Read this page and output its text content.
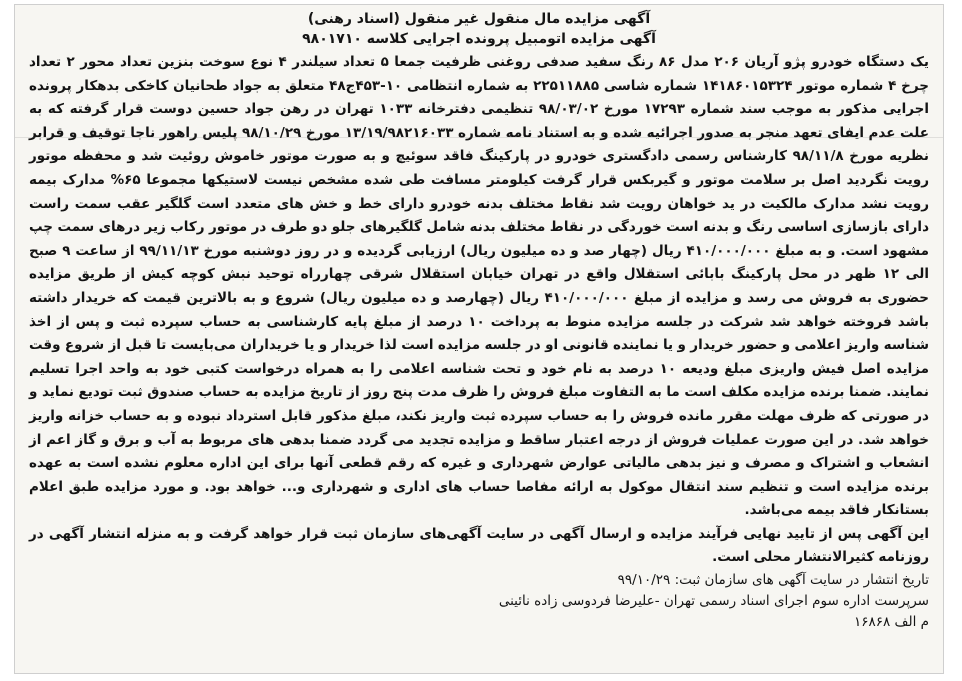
آگهی مزایده مال منقول غیر منقول (اسناد رهنی)

آگهی مزایده اتومبیل پرونده اجرایی کلاسه ۹۸۰۱۷۱۰

یک دستگاه خودرو پژو آریان ۲۰۶ مدل ۸۶ رنگ سفید صدفی روغنی ظرفیت جمعا ۵ تعداد سیلندر ۴ نوع سوخت بنزین تعداد محور ۲ تعداد چرخ ۴ شماره موتور ۱۴۱۸۶۰۱۵۳۲۴ شماره شاسی ۲۲۵۱۱۸۸۵ به شماره انتظامی ۱۰-۴۵۳ج۴۸ متعلق به جواد طحانیان کاخکی بدهکار پرونده اجرایی مذکور به موجب سند شماره ۱۷۲۹۳ مورخ ۹۸/۰۳/۰۲ تنظیمی دفترخانه ۱۰۳۳ تهران در رهن جواد حسین دوست قرار گرفته که به علت عدم ایفای تعهد منجر به صدور اجرائیه شده و به استناد نامه شماره ۱۳/۱۹/۹۸۲۱۶۰۳۳ مورخ ۹۸/۱۰/۲۹ پلیس راهور ناجا توقیف و قرابر نظریه مورخ ۹۸/۱۱/۸ کارشناس رسمی دادگستری خودرو در پارکینگ فاقد سوئیچ و به صورت موتور خاموش روئیت شد و محفظه موتور رویت نگردید اصل بر سلامت موتور و گیربکس قرار گرفت کیلومتر مسافت طی شده مشخص نیست لاستیکها مجموعا ۶۵% مدارک بیمه رویت نشد مدارک مالکیت در ید خواهان رویت شد نقاط مختلف بدنه خودرو دارای خط و خش های متعدد است گلگیر عقب سمت راست دارای بازسازی اساسی رنگ و بدنه است خوردگی در نقاط مختلف بدنه شامل گلگیرهای جلو دو طرف در موتور رکاب زیر درهای سمت چپ مشهود است. و به مبلغ ۴۱۰/۰۰۰/۰۰۰ ریال (چهار صد و ده میلیون ریال) ارزیابی گردیده و در روز دوشنبه مورخ ۹۹/۱۱/۱۳ از ساعت ۹ صبح الی ۱۲ ظهر در محل پارکینگ بابائی استقلال واقع در تهران خیابان استقلال شرقی چهارراه توحید نبش کوچه کیش از طریق مزایده حضوری به فروش می رسد و مزایده از مبلغ ۴۱۰/۰۰۰/۰۰۰ ریال (چهارصد و ده میلیون ریال) شروع و به بالاترین قیمت که خریدار داشته باشد فروخته خواهد شد شرکت در جلسه مزایده منوط به پرداخت ۱۰ درصد از مبلغ پایه کارشناسی به حساب سپرده ثبت و پس از اخذ شناسه واریز اعلامی و حضور خریدار و یا نماینده قانونی او در جلسه مزایده است لذا خریدار و یا خریداران می‌بایست تا قبل از شروع وقت مزایده اصل فیش واریزی مبلغ ودیعه ۱۰ درصد به نام خود و تحت شناسه اعلامی را به همراه درخواست کتبی خود به واحد اجرا تسلیم نمایند. ضمنا برنده مزایده مکلف است ما به التفاوت مبلغ فروش را ظرف مدت پنج روز از تاریخ مزایده به حساب صندوق ثبت تودیع نماید و در صورتی که ظرف مهلت مقرر مانده فروش را به حساب سپرده ثبت واریز نکند، مبلغ مذکور قابل استرداد نبوده و به حساب خزانه واریز خواهد شد. در این صورت عملیات فروش از درجه اعتبار ساقط و مزایده تجدید می گردد ضمنا بدهی های مربوط به آب و برق و گاز اعم از انشعاب و اشتراک و مصرف و نیز بدهی مالیاتی عوارض شهرداری و غیره که رقم قطعی آنها برای این اداره معلوم نشده است به عهده برنده مزایده است و تنظیم سند انتقال موکول به ارائه مفاصا حساب های اداری و شهرداری و... خواهد بود. و مورد مزایده طبق اعلام بستانکار فاقد بیمه می‌باشد.

این آگهی پس از تایید نهایی فرآیند مزایده و ارسال آگهی در سایت آگهی‌های سازمان ثبت قرار خواهد گرفت و به منزله انتشار آگهی در روزنامه کثیرالانتشار محلی است.

تاریخ انتشار در سایت آگهی های سازمان ثبت: ۹۹/۱۰/۲۹

سرپرست اداره سوم اجرای اسناد رسمی تهران -علیرضا فردوسی زاده نائینی

م الف ۱۶۸۶۸
